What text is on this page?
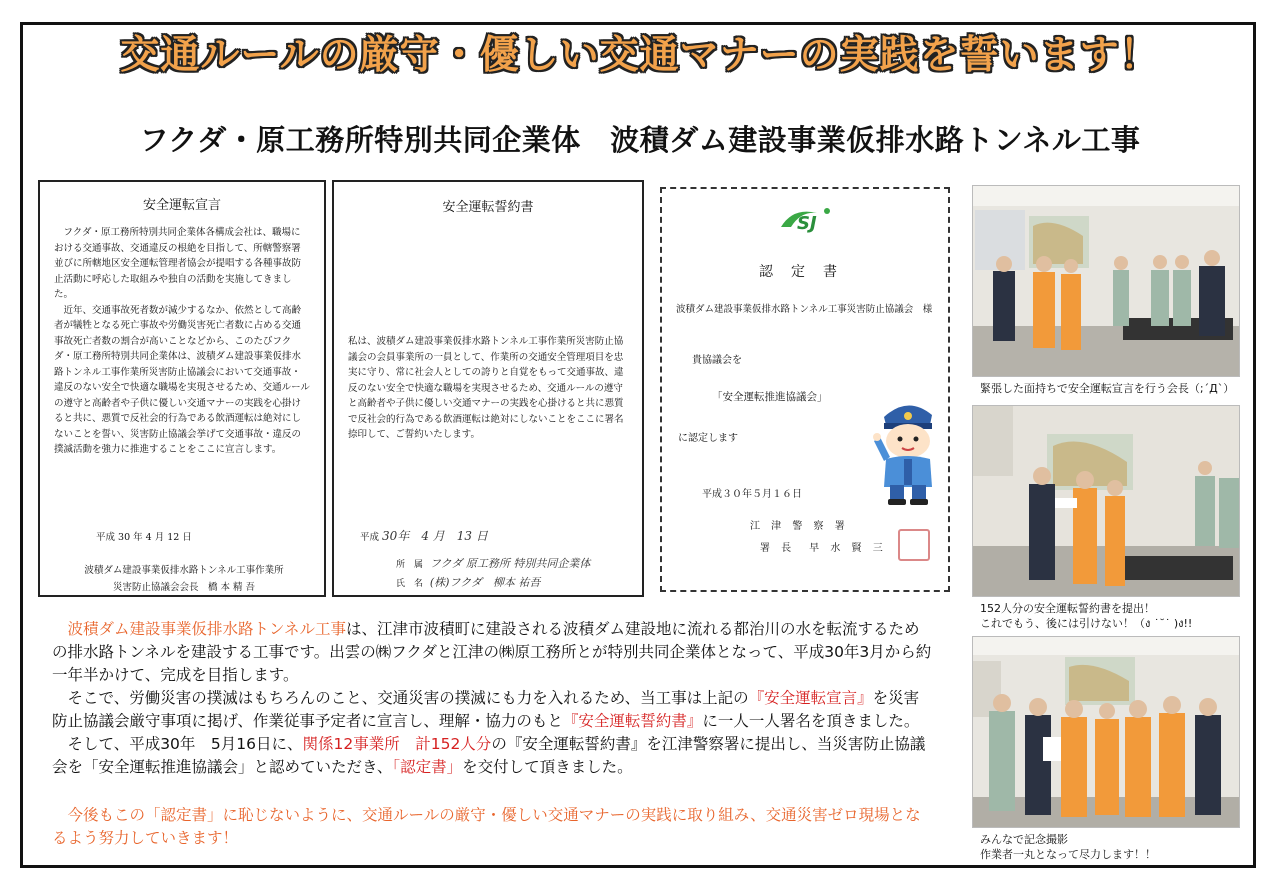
交通ルールの厳守・優しい交通マナーの実践を誓います！
フクダ・原工務所特別共同企業体　波積ダム建設事業仮排水路トンネル工事
安全運転宣言

フクダ・原工務所特別共同企業体各構成会社は、職場における交通事故、交通違反の根絶を目指して、所轄警察署並びに所轄地区安全運転管理者協会が提唱する各種事故防止活動に呼応した取組みや独自の活動を実施してきました。

近年、交通事故死者数が減少するなか、依然として高齢者が犠牲となる死亡事故や労働災害死亡者数に占める交通事故死亡者数の割合が高いことなどから、このたびフクダ・原工務所特別共同企業体は、波積ダム建設事業仮排水路トンネル工事作業所災害防止協議会において交通事故・違反のない安全で快適な職場を実現させるため、交通ルールの遵守と高齢者や子供に優しい交通マナーの実践を心掛けると共に、悪質で反社会的行為である飲酒運転は絶対にしないことを誓い、災害防止協議会挙げて交通事故・違反の撲滅活動を強力に推進することをここに宣言します。

平成 30 年 4 月 12 日
波積ダム建設事業仮排水路トンネル工事作業所
災害防止協議会会長　橋 本 精 吾
安全運転誓約書
私は、波積ダム建設事業仮排水路トンネル工事作業所災害防止協議会の会員事業所の一員として、作業所の交通安全管理項目を忠実に守り、常に社会人としての誇りと自覚をもって交通事故、違反のない安全で快適な職場を実現させるため、交通ルールの遵守と高齢者や子供に優しい交通マナーの実践を心掛けると共に悪質で反社会的行為である飲酒運転は絶対にしないことをここに署名捺印して、ご誓約いたします。
平成 30年　4 月　13 日
所　属 フクダ 原工務所 特別共同企業体
氏　名 (株)フクダ　柳本 祐吾
SJ
認定書
波積ダム建設事業仮排水路トンネル工事災害防止協議会　様
貴協議会を
「安全運転推進協議会」
に認定します
平成３０年５月１６日
江 津 警 察 署
署 長　早 水 賢 三
緊張した面持ちで安全運転宣言を行う会長（;´Д`）
152人分の安全運転誓約書を提出！
これでもう、後には引けない！（ง ˙˘˙ )ง!!
みんなで記念撮影
作業者一丸となって尽力します！！

波積ダム建設事業仮排水路トンネル工事は、江津市波積町に建設される波積ダム建設地に流れる都治川の水を転流するための排水路トンネルを建設する工事です。出雲の㈱フクダと江津の㈱原工務所とが特別共同企業体となって、平成30年3月から約一年半かけて、完成を目指します。

そこで、労働災害の撲滅はもちろんのこと、交通災害の撲滅にも力を入れるため、当工事は上記の『安全運転宣言』を災害防止協議会厳守事項に掲げ、作業従事予定者に宣言し、理解・協力のもと『安全運転誓約書』に一人一人署名を頂きました。

そして、平成30年　5月16日に、関係12事業所　計152人分の『安全運転誓約書』を江津警察署に提出し、当災害防止協議会を「安全運転推進協議会」と認めていただき、「認定書」を交付して頂きました。

今後もこの「認定書」に恥じないように、交通ルールの厳守・優しい交通マナーの実践に取り組み、交通災害ゼロ現場となるよう努力していきます！
